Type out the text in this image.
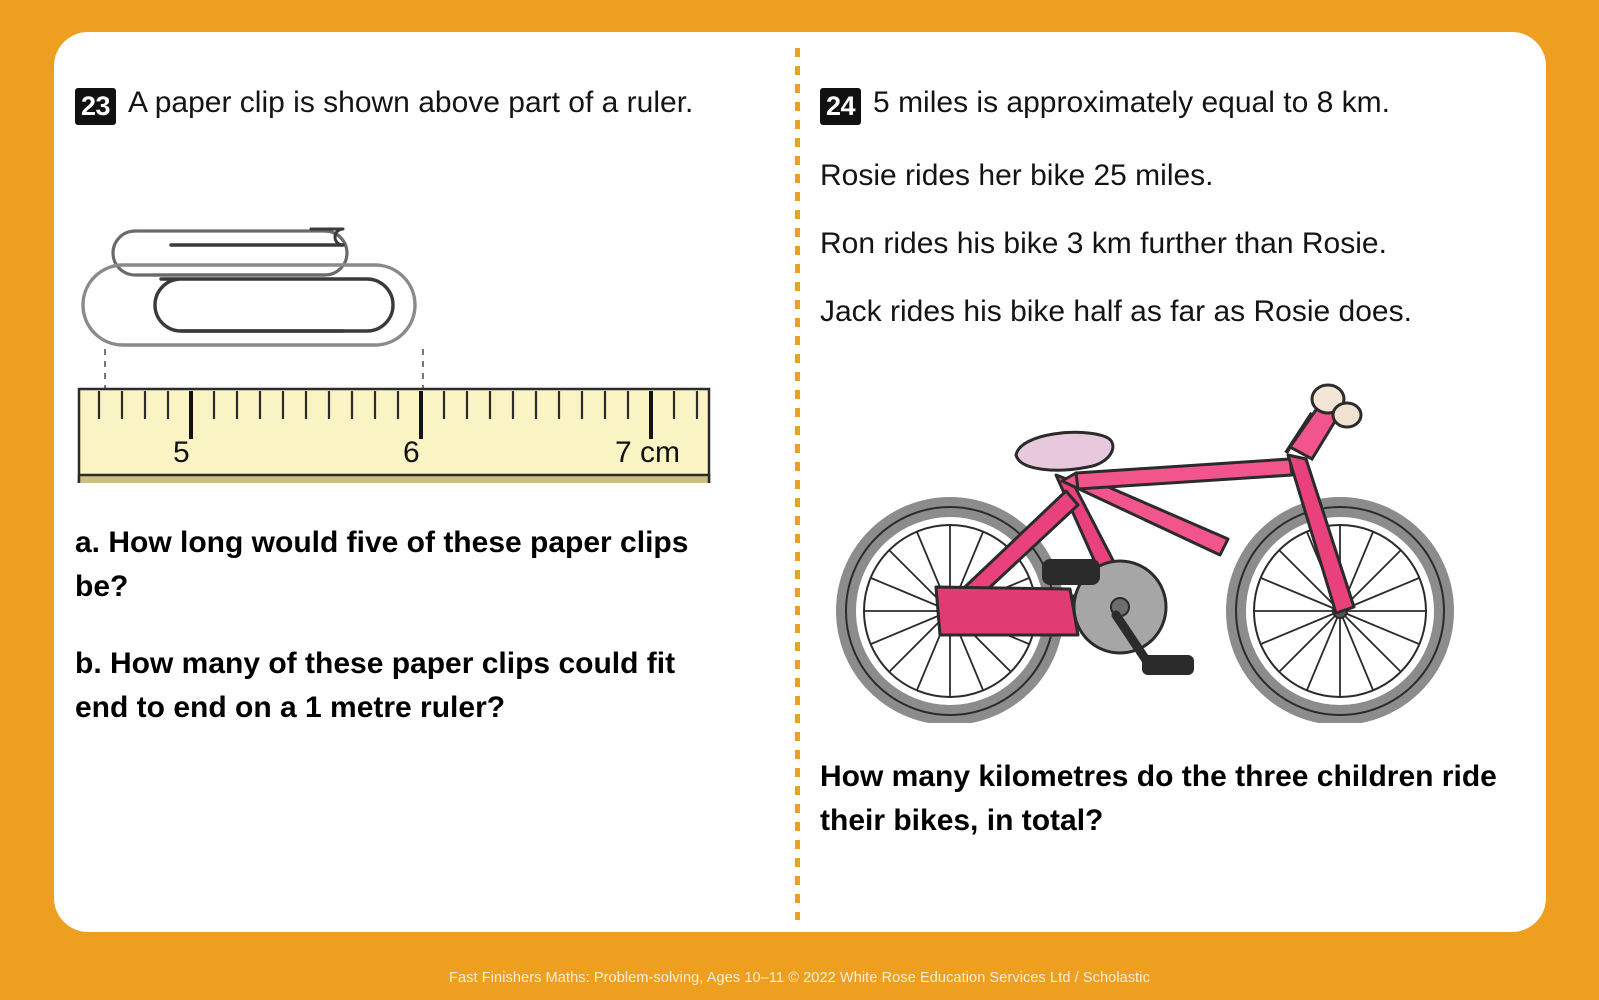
23 A paper clip is shown above part of a ruler.
5	6	7 cm
a. How long would five of these paper clips be?
b. How many of these paper clips could fit end to end on a 1 metre ruler?
24 5 miles is approximately equal to 8 km.
Rosie rides her bike 25 miles.
Ron rides his bike 3 km further than Rosie.
Jack rides his bike half as far as Rosie does.
How many kilometres do the three children ride their bikes, in total?
Fast Finishers Maths: Problem-solving, Ages 10–11 © 2022 White Rose Education Services Ltd / Scholastic
